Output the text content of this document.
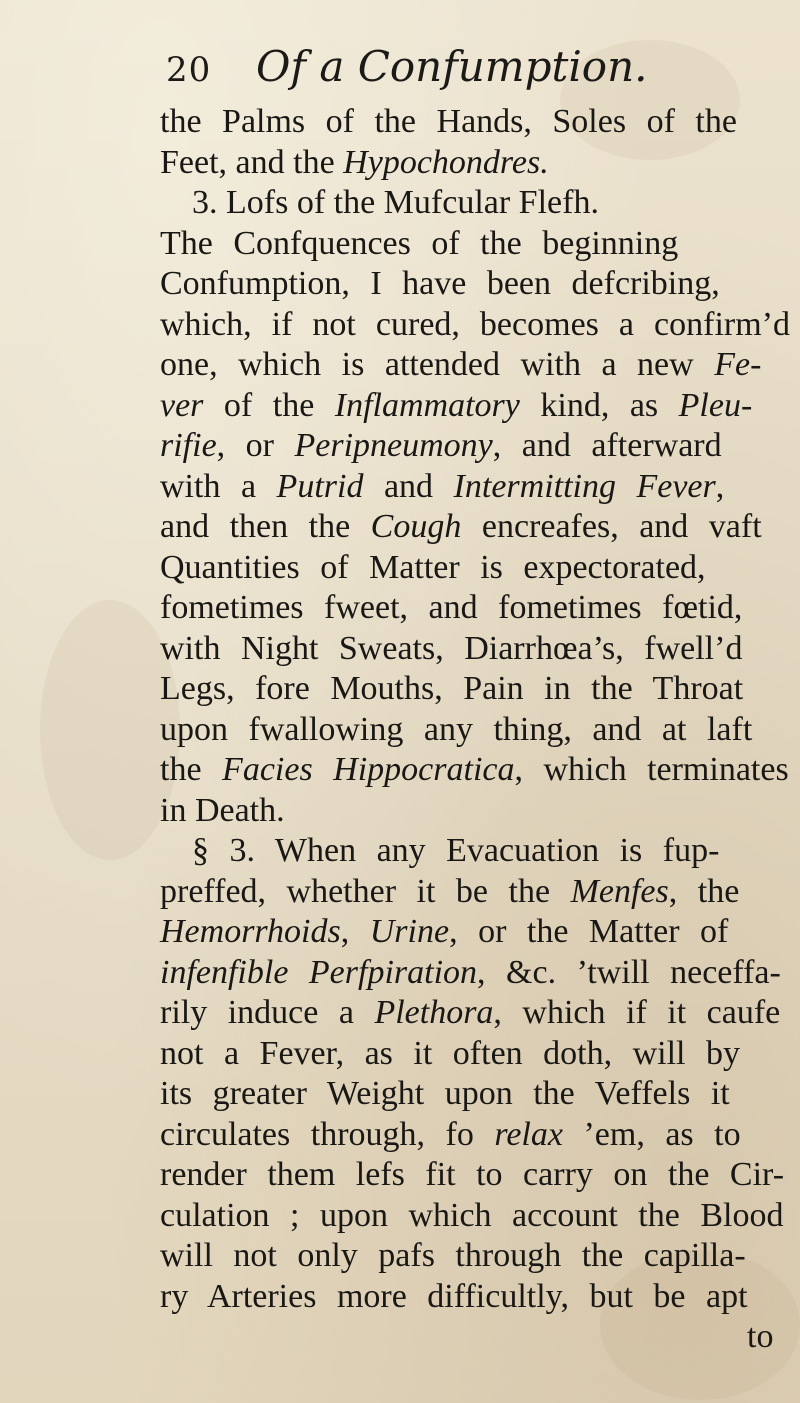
20 Of a Confumption.
the Palms of the Hands, Soles of the
Feet, and the Hypochondres.
3. Lofs of the Mufcular Flefh.
The Confquences of the beginning
Confumption, I have been defcribing,
which, if not cured, becomes a confirm’d
one, which is attended with a new Fe-
ver of the Inflammatory kind, as Pleu-
rifie, or Peripneumony, and afterward
with a Putrid and Intermitting Fever,
and then the Cough encreafes, and vaft
Quantities of Matter is expectorated,
fometimes fweet, and fometimes fœtid,
with Night Sweats, Diarrhœa’s, fwell’d
Legs, fore Mouths, Pain in the Throat
upon fwallowing any thing, and at laft
the Facies Hippocratica, which terminates
in Death.
§ 3. When any Evacuation is fup-
preffed, whether it be the Menfes, the
Hemorrhoids, Urine, or the Matter of
infenfible Perfpiration, &c. ’twill neceffa-
rily induce a Plethora, which if it caufe
not a Fever, as it often doth, will by
its greater Weight upon the Veffels it
circulates through, fo relax ’em, as to
render them lefs fit to carry on the Cir-
culation ; upon which account the Blood
will not only pafs through the capilla-
ry Arteries more difficultly, but be apt
to
